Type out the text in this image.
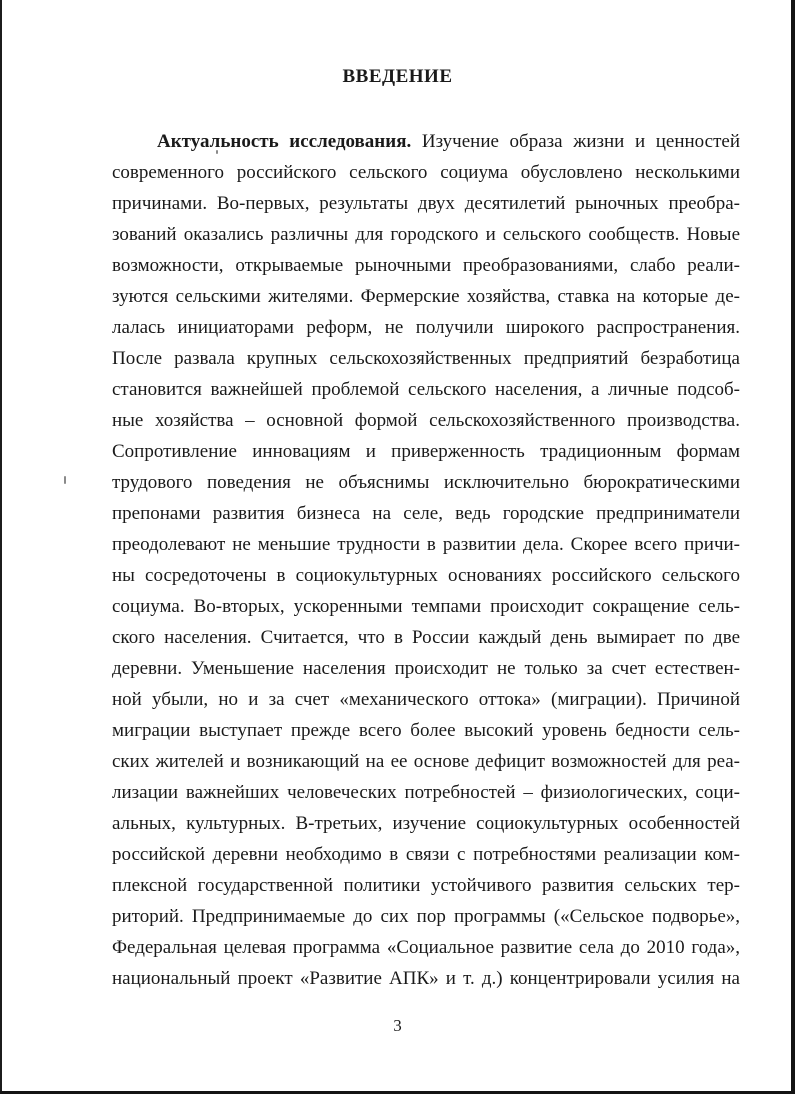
ВВЕДЕНИЕ
Актуальность исследования. Изучение образа жизни и ценностей
современного российского сельского социума обусловлено несколькими
причинами. Во-первых, результаты двух десятилетий рыночных преобра-
зований оказались различны для городского и сельского сообществ. Новые
возможности, открываемые рыночными преобразованиями, слабо реали-
зуются сельскими жителями. Фермерские хозяйства, ставка на которые де-
лалась инициаторами реформ, не получили широкого распространения.
После развала крупных сельскохозяйственных предприятий безработица
становится важнейшей проблемой сельского населения, а личные подсоб-
ные хозяйства – основной формой сельскохозяйственного производства.
Сопротивление инновациям и приверженность традиционным формам
трудового поведения не объяснимы исключительно бюрократическими
препонами развития бизнеса на селе, ведь городские предприниматели
преодолевают не меньшие трудности в развитии дела. Скорее всего причи-
ны сосредоточены в социокультурных основаниях российского сельского
социума. Во-вторых, ускоренными темпами происходит сокращение сель-
ского населения. Считается, что в России каждый день вымирает по две
деревни. Уменьшение населения происходит не только за счет естествен-
ной убыли, но и за счет «механического оттока» (миграции). Причиной
миграции выступает прежде всего более высокий уровень бедности сель-
ских жителей и возникающий на ее основе дефицит возможностей для реа-
лизации важнейших человеческих потребностей – физиологических, соци-
альных, культурных. В-третьих, изучение социокультурных особенностей
российской деревни необходимо в связи с потребностями реализации ком-
плексной государственной политики устойчивого развития сельских тер-
риторий. Предпринимаемые до сих пор программы («Сельское подворье»,
Федеральная целевая программа «Социальное развитие села до 2010 года»,
национальный проект «Развитие АПК» и т. д.) концентрировали усилия на
3
